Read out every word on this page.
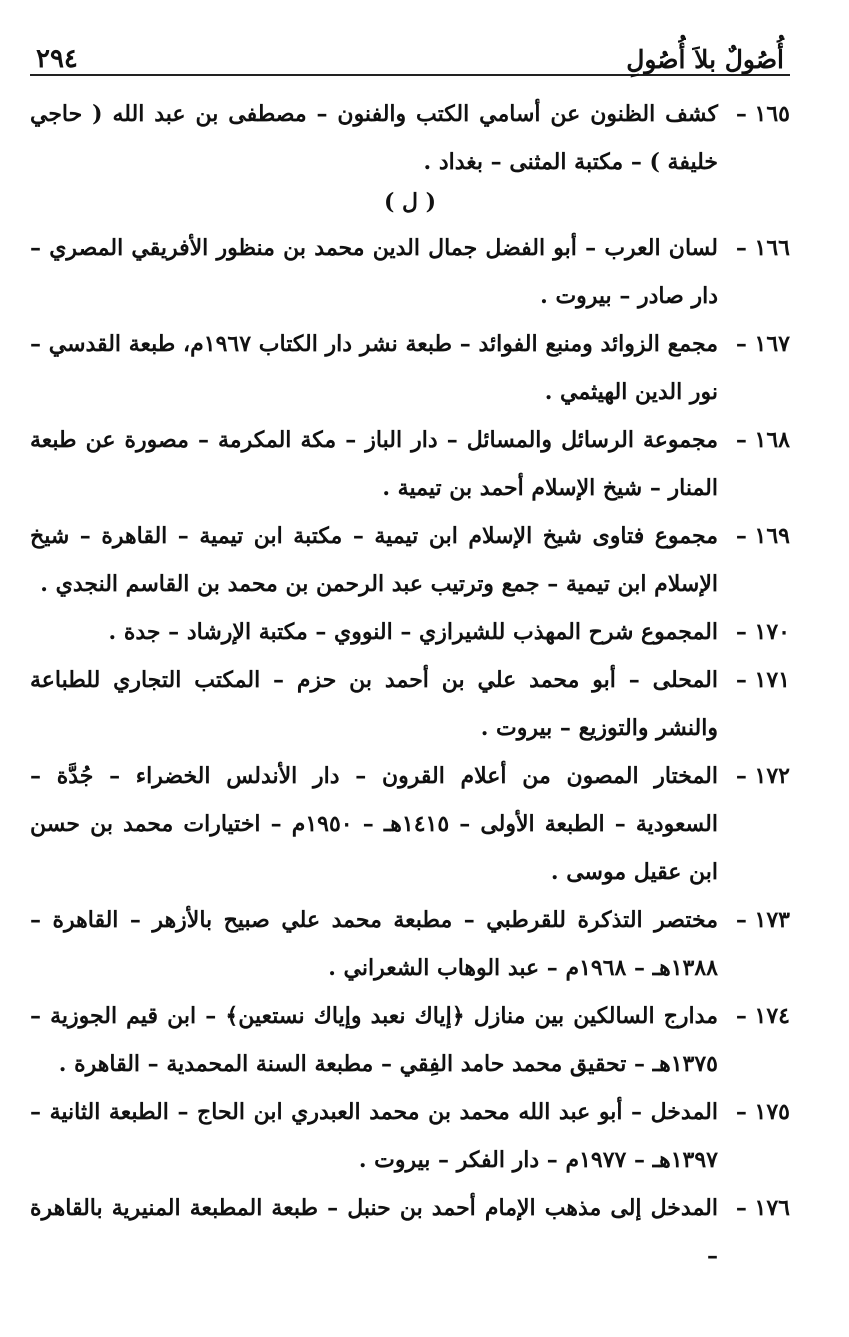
أُصُولٌ بلاَ أُصُولِ
٢٩٤
١٦٥ –
كشف الظنون عن أسامي الكتب والفنون – مصطفى بن عبد الله ( حاجي خليفة ) – مكتبة المثنى – بغداد .
( ل )
١٦٦ –
لسان العرب – أبو الفضل جمال الدين محمد بن منظور الأفريقي المصري – دار صادر – بيروت .
١٦٧ –
مجمع الزوائد ومنبع الفوائد – طبعة نشر دار الكتاب ١٩٦٧م، طبعة القدسي – نور الدين الهيثمي .
١٦٨ –
مجموعة الرسائل والمسائل – دار الباز – مكة المكرمة – مصورة عن طبعة المنار – شيخ الإسلام أحمد بن تيمية .
١٦٩ –
مجموع فتاوى شيخ الإسلام ابن تيمية – مكتبة ابن تيمية – القاهرة – شيخ الإسلام ابن تيمية – جمع وترتيب عبد الرحمن بن محمد بن القاسم النجدي .
١٧٠ –
المجموع شرح المهذب للشيرازي – النووي – مكتبة الإرشاد – جدة .
١٧١ –
المحلى – أبو محمد علي بن أحمد بن حزم – المكتب التجاري للطباعة والنشر والتوزيع – بيروت .
١٧٢ –
المختار المصون من أعلام القرون – دار الأندلس الخضراء – جُدَّة – السعودية – الطبعة الأولى – ١٤١٥هـ – ١٩٥٠م – اختيارات محمد بن حسن ابن عقيل موسى .
١٧٣ –
مختصر التذكرة للقرطبي – مطبعة محمد علي صبيح بالأزهر – القاهرة – ١٣٨٨هـ – ١٩٦٨م – عبد الوهاب الشعراني .
١٧٤ –
مدارج السالكين بين منازل ﴿إياك نعبد وإياك نستعين﴾ – ابن قيم الجوزية – ١٣٧٥هـ – تحقيق محمد حامد الفِقي – مطبعة السنة المحمدية – القاهرة .
١٧٥ –
المدخل – أبو عبد الله محمد بن محمد العبدري ابن الحاج – الطبعة الثانية – ١٣٩٧هـ – ١٩٧٧م – دار الفكر – بيروت .
١٧٦ –
المدخل إلى مذهب الإمام أحمد بن حنبل – طبعة المطبعة المنيرية بالقاهرة –
